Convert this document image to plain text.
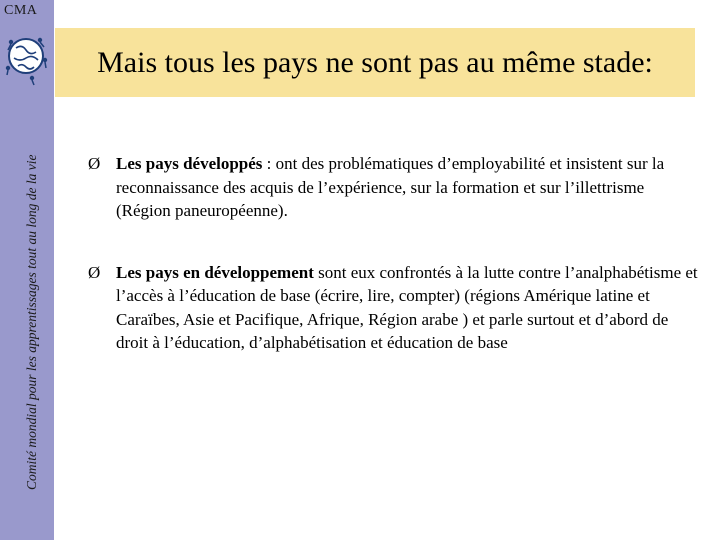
Comité mondial pour les apprentissages tout au long de la vie
CMA
Mais tous les pays ne sont pas au même stade:
Ø Les pays développés : ont des problématiques d’employabilité et insistent sur la reconnaissance des acquis de l’expérience, sur la formation et sur l’illettrisme (Région paneuropéenne).
Ø Les pays en développement sont eux confrontés à la lutte contre l’analphabétisme et l’accès à l’éducation de base (écrire, lire, compter) (régions Amérique latine et Caraïbes, Asie et Pacifique, Afrique, Région arabe ) et parle surtout et d’abord de droit à l’éducation, d’alphabétisation et éducation de base
